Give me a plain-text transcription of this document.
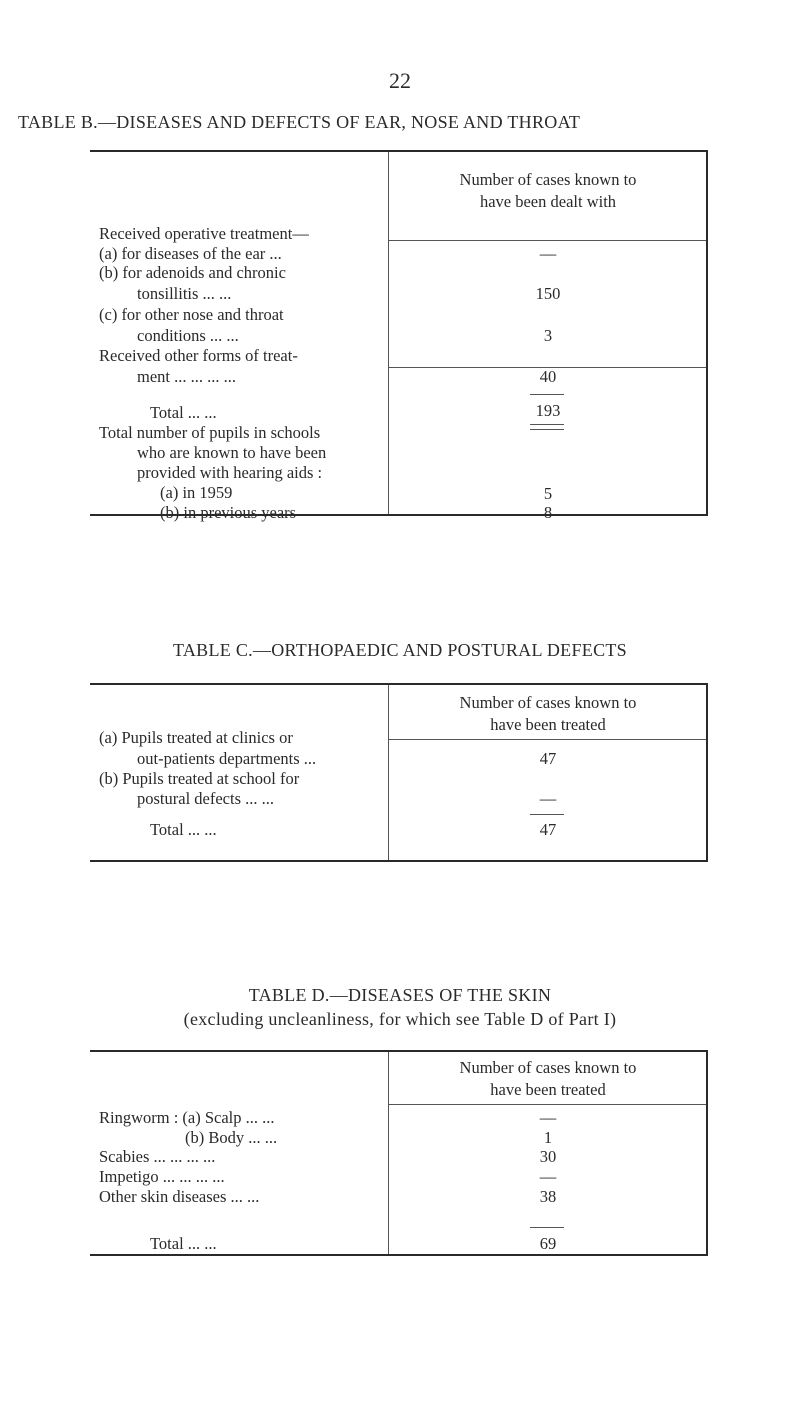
22
TABLE B.—DISEASES AND DEFECTS OF EAR, NOSE AND THROAT
Number of cases known to
have been dealt with
Received operative treatment—
(a) for diseases of the ear ...
(b) for adenoids and chronic
tonsillitis ... ...
(c) for other nose and throat
conditions ... ...
Received other forms of treat-
ment ... ... ... ...
Total ... ...
Total number of pupils in schools
who are known to have been
provided with hearing aids :
(a) in 1959
(b) in previous years
—
150
3
40
193
5
8
TABLE C.—ORTHOPAEDIC AND POSTURAL DEFECTS
Number of cases known to
have been treated
(a) Pupils treated at clinics or
out-patients departments ...
(b) Pupils treated at school for
postural defects ... ...
Total ... ...
47
—
47
TABLE D.—DISEASES OF THE SKIN
(excluding uncleanliness, for which see Table D of Part I)
Number of cases known to
have been treated
Ringworm : (a) Scalp ... ...
(b) Body ... ...
Scabies ... ... ... ...
Impetigo ... ... ... ...
Other skin diseases ... ...
—
1
30
—
38
Total ... ...	69
